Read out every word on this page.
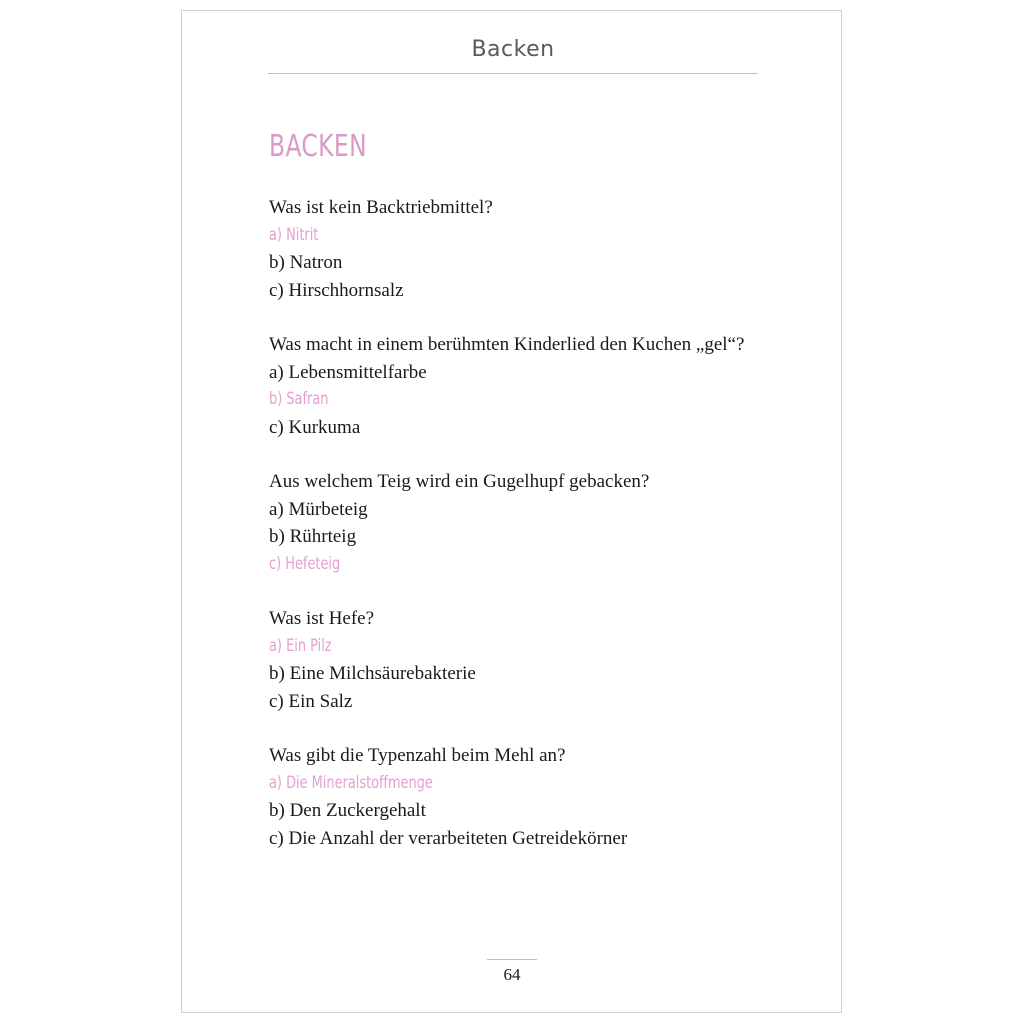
Backen
BACKEN
Was ist kein Backtriebmittel?
a) Nitrit
b) Natron
c) Hirschhornsalz
Was macht in einem berühmten Kinderlied den Kuchen „gel“?
a) Lebensmittelfarbe
b) Safran
c) Kurkuma
Aus welchem Teig wird ein Gugelhupf gebacken?
a) Mürbeteig
b) Rührteig
c) Hefeteig
Was ist Hefe?
a) Ein Pilz
b) Eine Milchsäurebakterie
c) Ein Salz
Was gibt die Typenzahl beim Mehl an?
a) Die Mineralstoffmenge
b) Den Zuckergehalt
c) Die Anzahl der verarbeiteten Getreidekörner
64
